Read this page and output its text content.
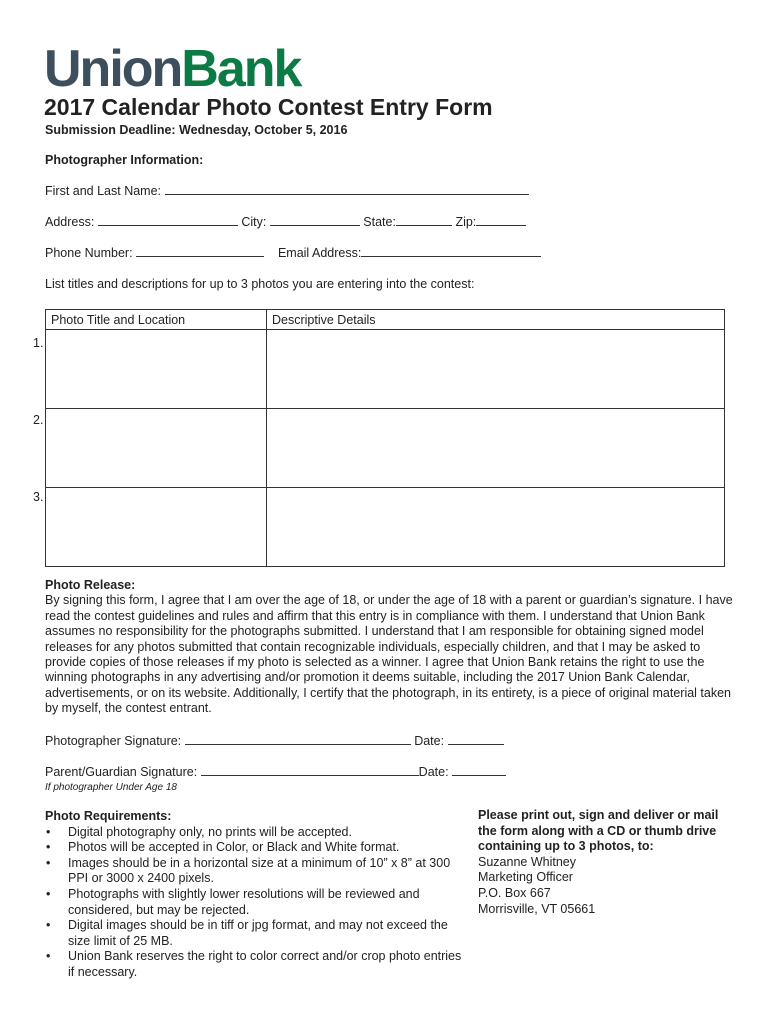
UnionBank
2017 Calendar Photo Contest Entry Form
Submission Deadline: Wednesday, October 5, 2016
Photographer Information:
First and Last Name:
Address:	City:	State:	Zip:
Phone Number:	Email Address:
List titles and descriptions for up to 3 photos you are entering into the contest:
Photo Title and Location	Descriptive Details

1.
2.
3.
Photo Release:
By signing this form, I agree that I am over the age of 18, or under the age of 18 with a parent or guardian’s signature. I have read the contest guidelines and rules and affirm that this entry is in compliance with them. I understand that Union Bank assumes no responsibility for the photographs submitted. I understand that I am responsible for obtaining signed model releases for any photos submitted that contain recognizable individuals, especially children, and that I may be asked to provide copies of those releases if my photo is selected as a winner. I agree that Union Bank retains the right to use the winning photographs in any advertising and/or promotion it deems suitable, including the 2017 Union Bank Calendar, advertisements, or on its website. Additionally, I certify that the photograph, in its entirety, is a piece of original material taken by myself, the contest entrant.
Photographer Signature:	Date:
Parent/Guardian Signature:	Date:
If photographer Under Age 18
Photo Requirements:
• Digital photography only, no prints will be accepted.
• Photos will be accepted in Color, or Black and White format.
• Images should be in a horizontal size at a minimum of 10” x 8” at 300 PPI or 3000 x 2400 pixels.
• Photographs with slightly lower resolutions will be reviewed and considered, but may be rejected.
• Digital images should be in tiff or jpg format, and may not exceed the size limit of 25 MB.
• Union Bank reserves the right to color correct and/or crop photo entries if necessary.
Please print out, sign and deliver or mail the form along with a CD or thumb drive containing up to 3 photos, to:
Suzanne Whitney
Marketing Officer
P.O. Box 667
Morrisville, VT 05661
